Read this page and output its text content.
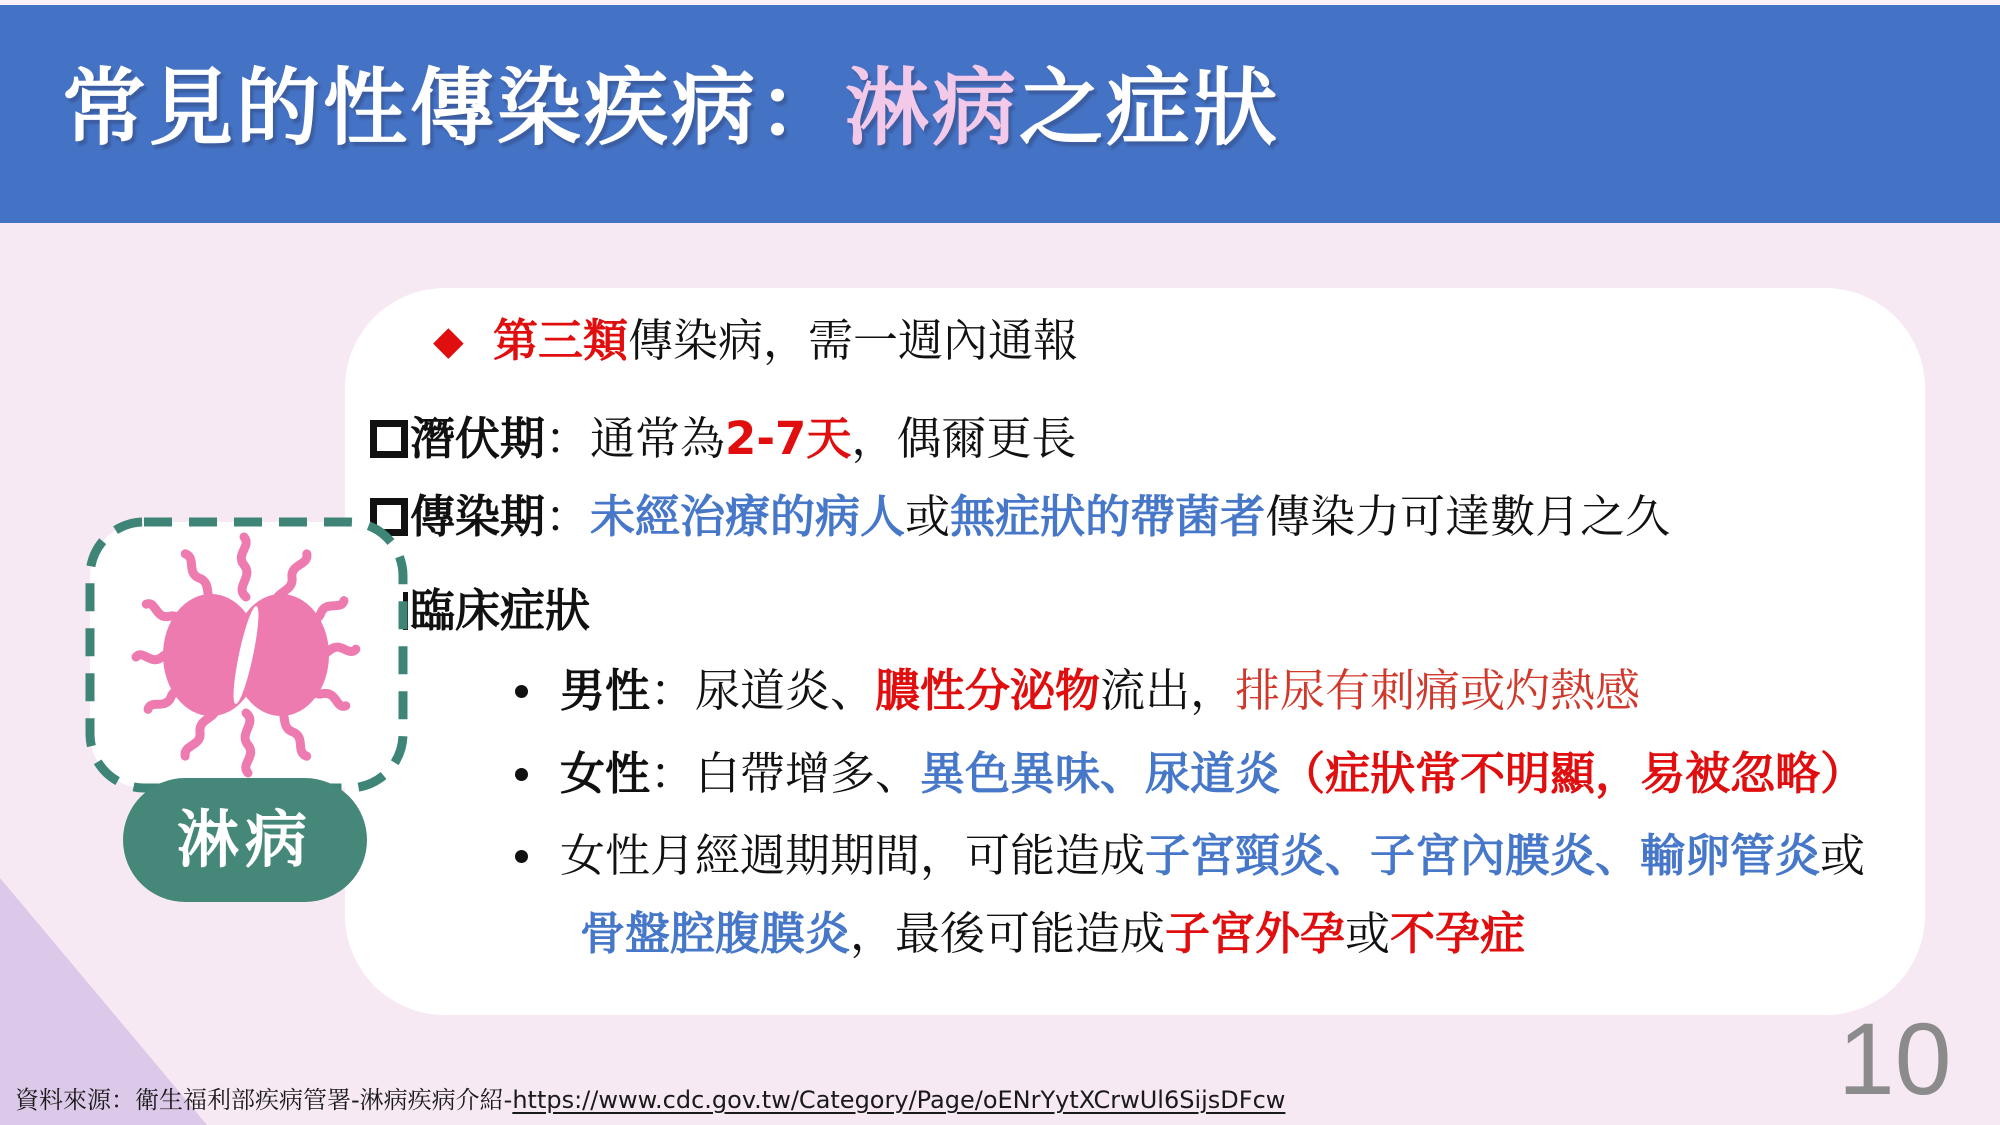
常見的性傳染疾病：淋病之症狀
◆ 第三類傳染病，需一週內通報
潛伏期：通常為2-7天，偶爾更長
傳染期：未經治療的病人或無症狀的帶菌者傳染力可達數月之久
臨床症狀
男性：尿道炎、膿性分泌物流出，排尿有刺痛或灼熱感
女性：白帶增多、異色異味、尿道炎（症狀常不明顯，易被忽略）
女性月經週期期間，可能造成子宮頸炎、子宮內膜炎、輸卵管炎或
骨盤腔腹膜炎，最後可能造成子宮外孕或不孕症
淋病
資料來源：衛生福利部疾病管署-淋病疾病介紹-https://www.cdc.gov.tw/Category/Page/oENrYytXCrwUl6SijsDFcw	10
